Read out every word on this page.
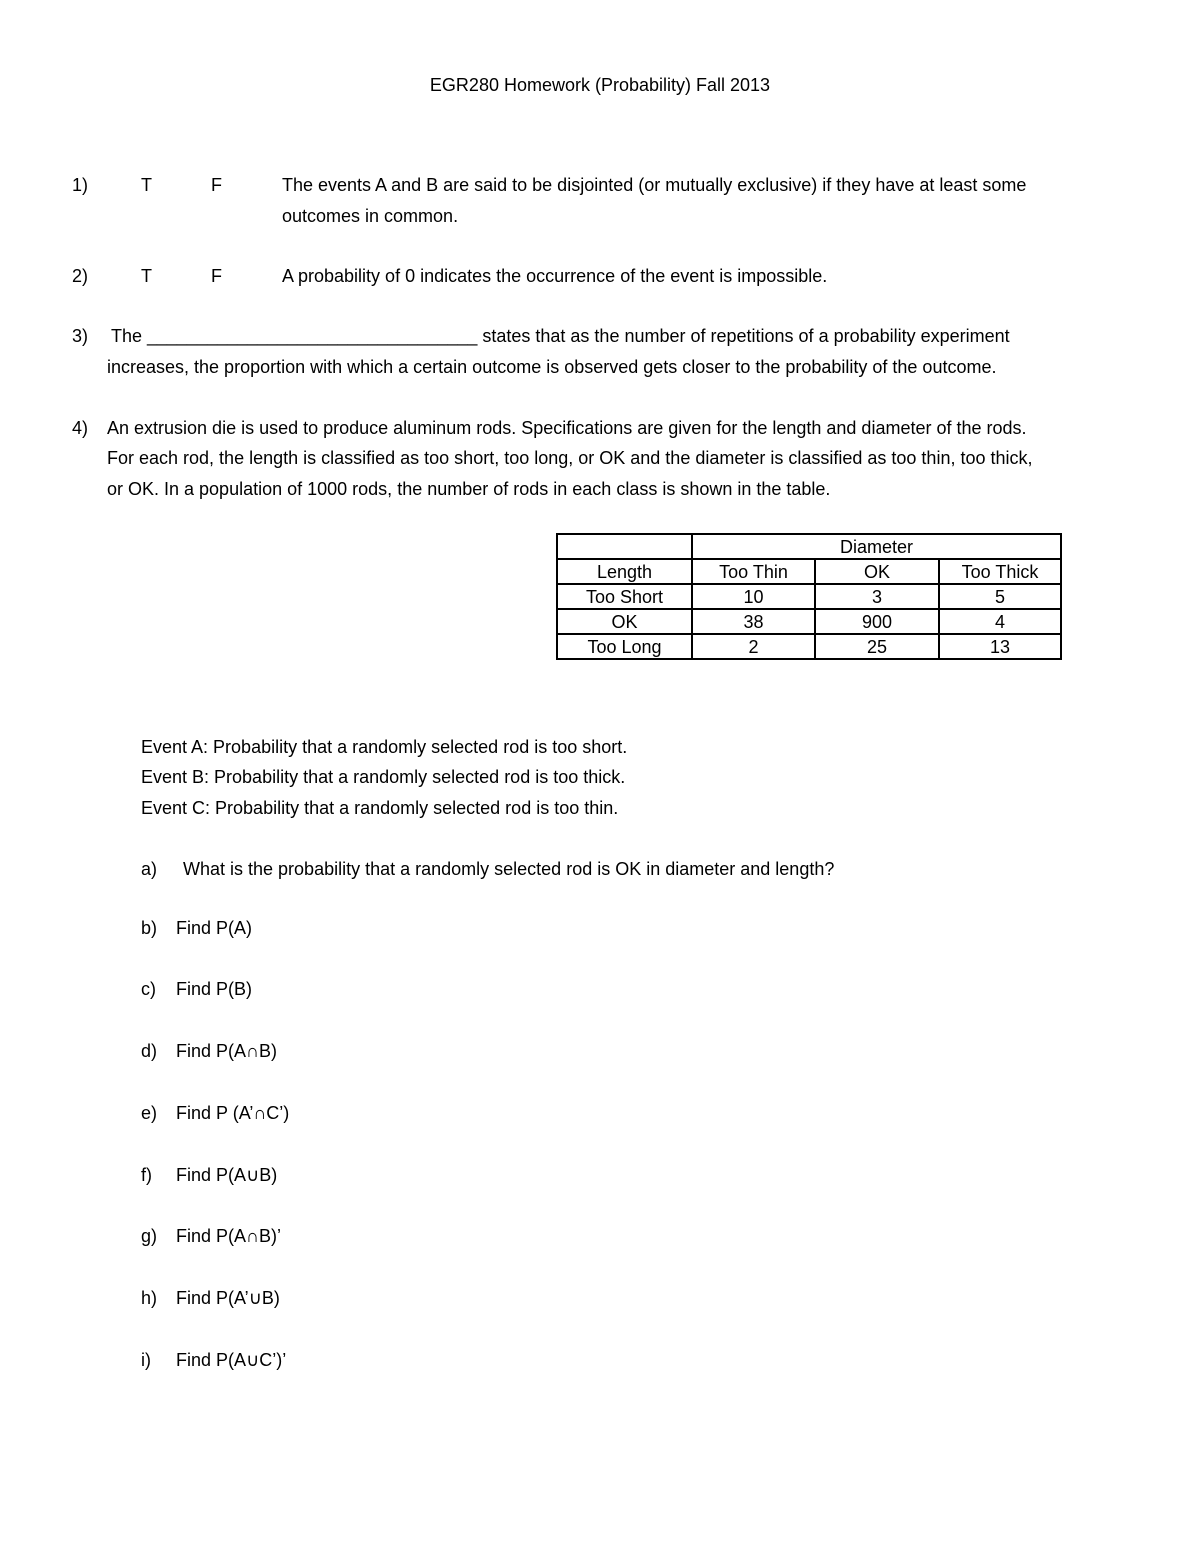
EGR280 Homework (Probability) Fall 2013
1)	T	F	The events A and B are said to be disjointed (or mutually exclusive) if they have at least some
outcomes in common.
2)	T	F	A probability of 0 indicates the occurrence of the event is impossible.
3) The _________________________________ states that as the number of repetitions of a probability experiment
increases, the proportion with which a certain outcome is observed gets closer to the probability of the outcome.
4) An extrusion die is used to produce aluminum rods. Specifications are given for the length and diameter of the rods.
For each rod, the length is classified as too short, too long, or OK and the diameter is classified as too thin, too thick,
or OK. In a population of 1000 rods, the number of rods in each class is shown in the table.
	Diameter		
Length	Too Thin	OK	Too Thick
Too Short	10	3	5
OK	38	900	4
Too Long	2	25	13
Event A: Probability that a randomly selected rod is too short.
Event B: Probability that a randomly selected rod is too thick.
Event C: Probability that a randomly selected rod is too thin.
a) What is the probability that a randomly selected rod is OK in diameter and length?
b) Find P(A)
c) Find P(B)
d) Find P(A∩B)
e) Find P (A’∩C’)
f) Find P(A∪B)
g) Find P(A∩B)’
h) Find P(A’∪B)
i) Find P(A∪C’)’
